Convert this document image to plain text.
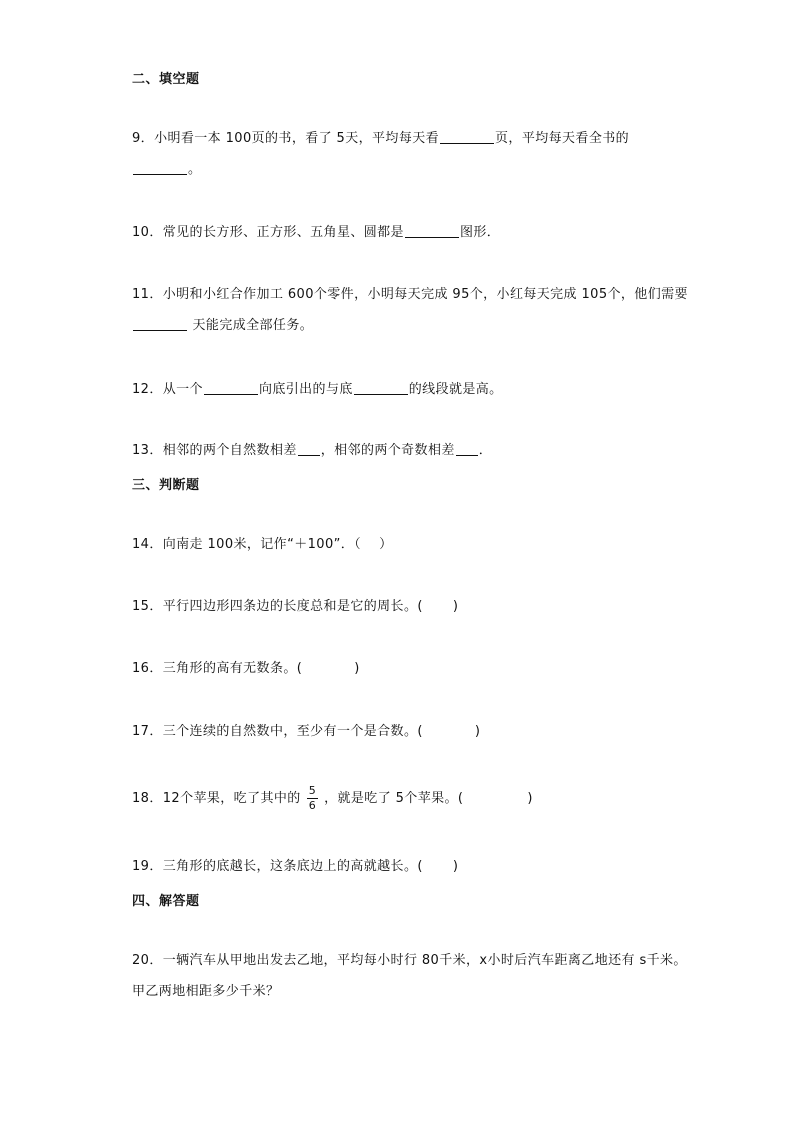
二、填空题
9．小明看一本 100页的书，看了 5天，平均每天看	页，平均每天看全书的
。
10．常见的长方形、正方形、五角星、圆都是	图形．
11．小明和小红合作加工 600个零件，小明每天完成 95个，小红每天完成 105个，他们需要 天能完成全部任务。
12．从一个	向底引出的与底	的线段就是高。
13．相邻的两个自然数相差 ，相邻的两个奇数相差 ．
三、判断题
14．向南走 100米，记作“＋100”．（ ）
15．平行四边形四条边的长度总和是它的周长。( )
16．三角形的高有无数条。(	)
17．三个连续的自然数中，至少有一个是合数。(	)
18．12个苹果，吃了其中的 $\frac{5}{6}$ ，就是吃了 5个苹果。(	)
19．三角形的底越长，这条底边上的高就越长。( )
四、解答题
20．一辆汽车从甲地出发去乙地，平均每小时行 80千米，x小时后汽车距离乙地还有 s千米。甲乙两地相距多少千米？
